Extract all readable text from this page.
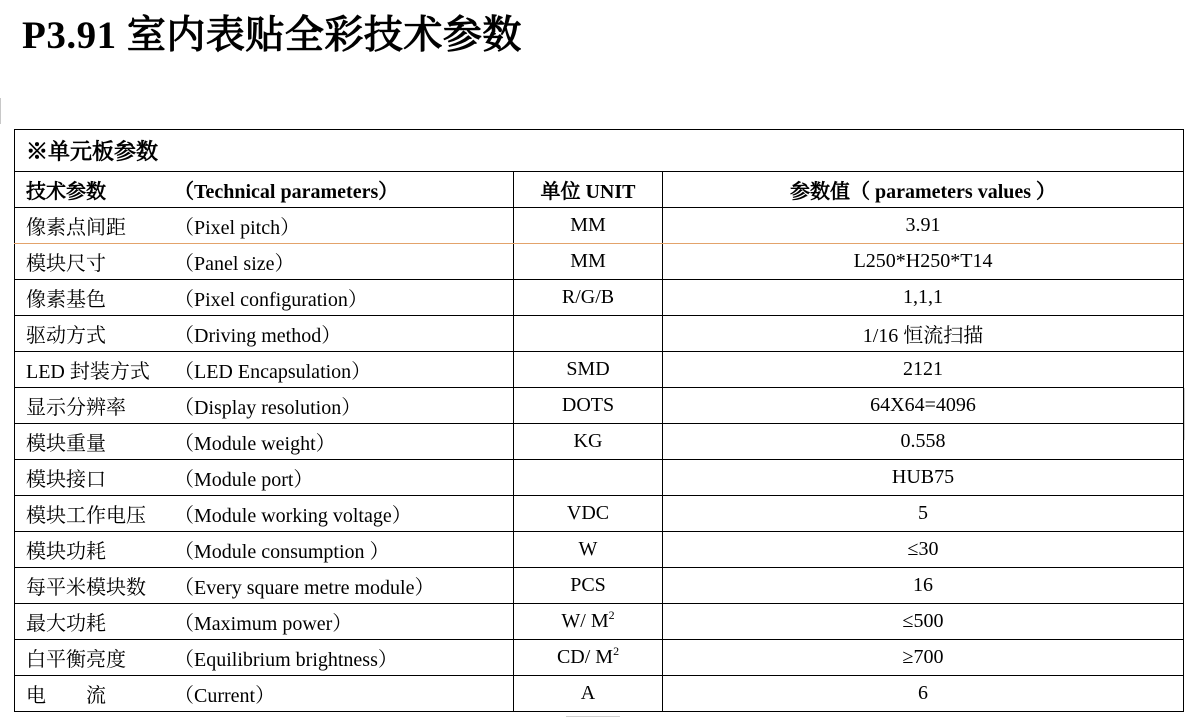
P3.91 室内表贴全彩技术参数
※单元板参数		
技术参数 （Technical parameters）	单位 UNIT	参数值（ parameters values ）
像素点间距 （Pixel pitch）	MM	3.91
模块尺寸 （Panel size）	MM	L250*H250*T14
像素基色 （Pixel configuration）	R/G/B	1,1,1
驱动方式 （Driving method）		1/16 恒流扫描
LED 封装方式 （LED Encapsulation）	SMD	2121
显示分辨率 （Display resolution）	DOTS	64X64=4096
模块重量 （Module weight）	KG	0.558
模块接口 （Module port）		HUB75
模块工作电压 （Module working voltage）	VDC	5
模块功耗 （Module consumption ）	W	≤30
每平米模块数 （Every square metre module）	PCS	16
最大功耗 （Maximum power）	W/ $M^2$	≤500
白平衡亮度 （Equilibrium brightness）	CD/ $M^2$	≥700
电　　流 （Current）	A	6
